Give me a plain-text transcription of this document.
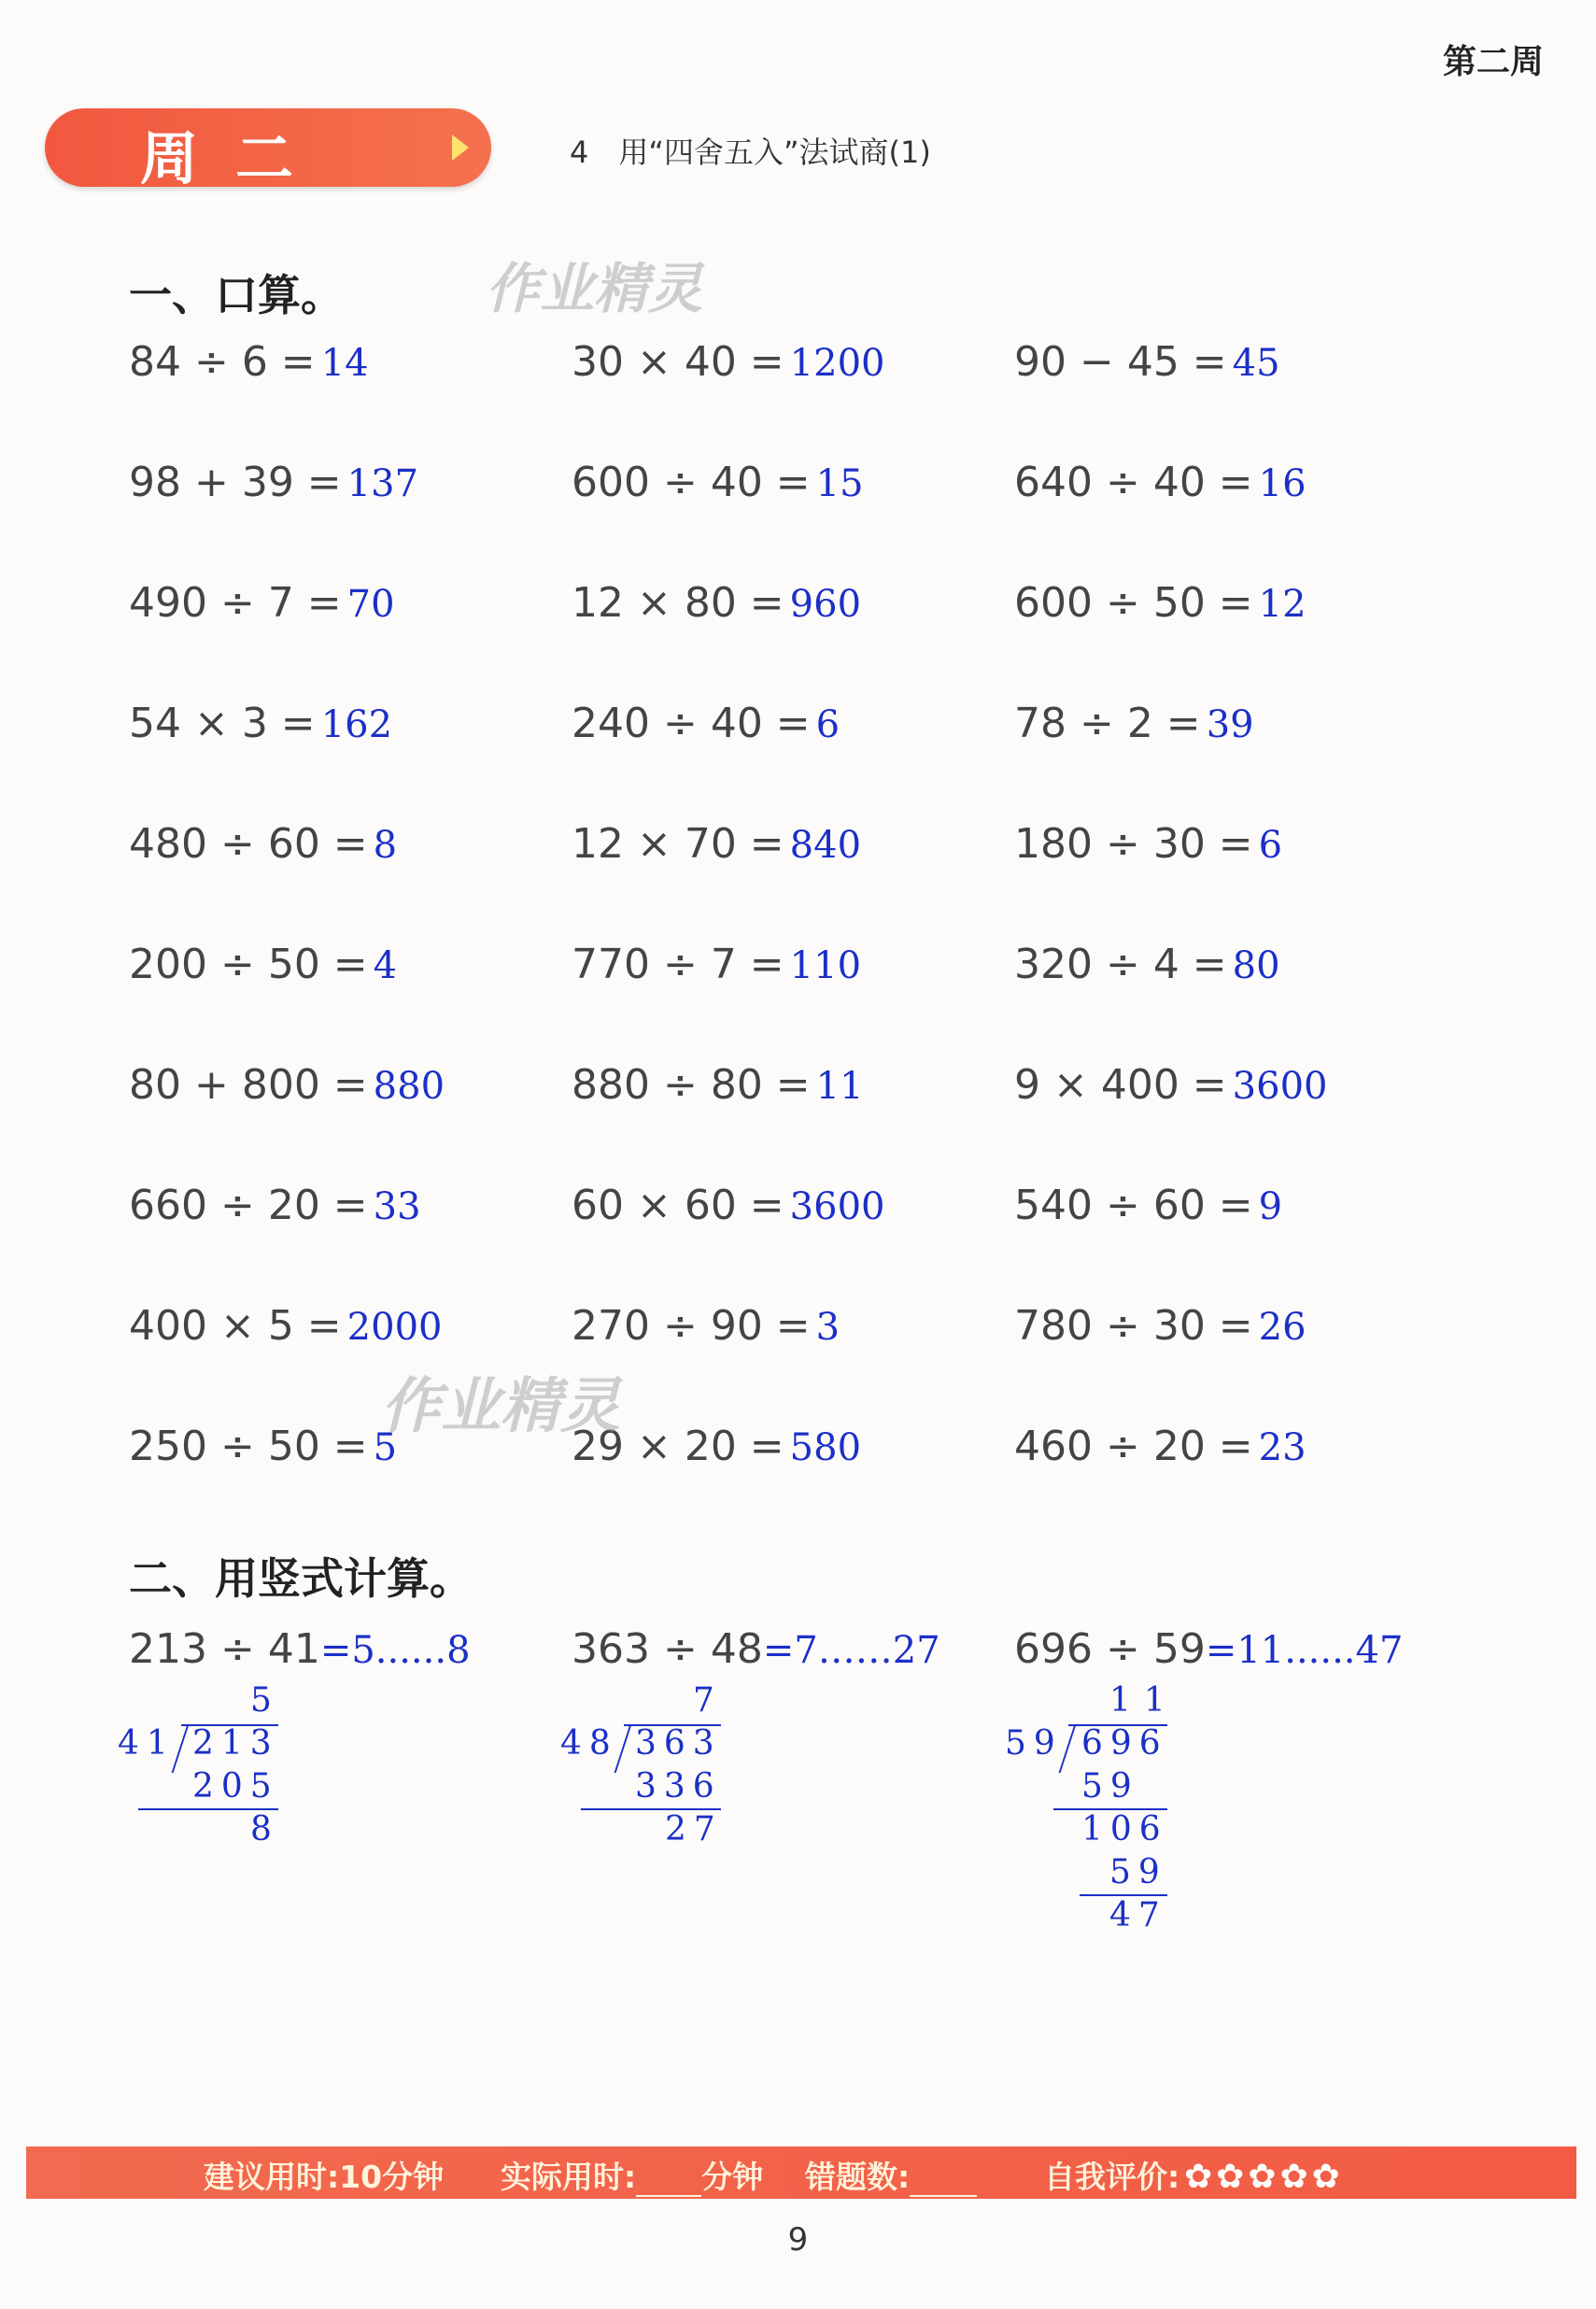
第二周
周二	4　用“四舍五入”法试商(1)
一、口算。	作业精灵
84 ÷ 6 = 14	30 × 40 = 1200	90 − 45 = 45
98 + 39 = 137	600 ÷ 40 = 15	640 ÷ 40 = 16
490 ÷ 7 = 70	12 × 80 = 960	600 ÷ 50 = 12
54 × 3 = 162	240 ÷ 40 = 6	78 ÷ 2 = 39
480 ÷ 60 = 8	12 × 70 = 840	180 ÷ 30 = 6
200 ÷ 50 = 4	770 ÷ 7 = 110	320 ÷ 4 = 80
80 + 800 = 880	880 ÷ 80 = 11	9 × 400 = 3600
660 ÷ 20 = 33	60 × 60 = 3600	540 ÷ 60 = 9
400 × 5 = 2000	270 ÷ 90 = 3	780 ÷ 30 = 26
250 ÷ 50 = 5	29 × 20 = 580	460 ÷ 20 = 23
作业精灵
二、用竖式计算。
213 ÷ 41=5......8
5
41 213
205
8
363 ÷ 48=7……27
7
48 363
336
27
696 ÷ 59=11......47
11
59 696
59
106
59
47
建议用时:10分钟 实际用时: 分钟 错题数:	自我评价: ✿✿✿✿✿
9
